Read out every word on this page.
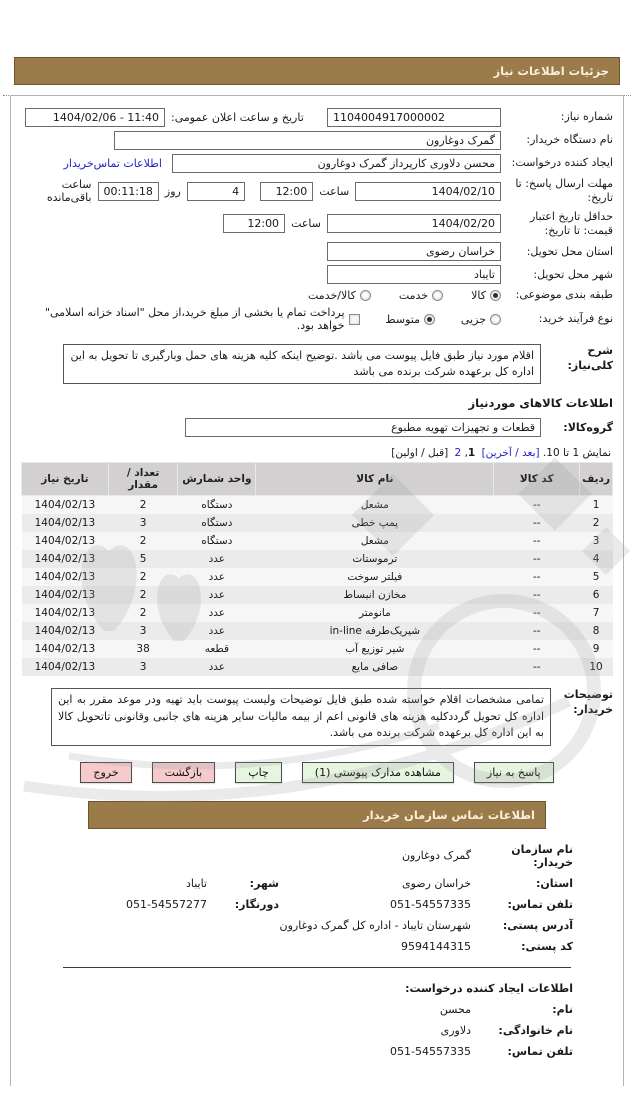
جزئیات اطلاعات نیاز
شماره نیاز:
1104004917000002
تاریخ و ساعت اعلان عمومی:
1404/02/06 - 11:40
نام دستگاه خریدار:
گمرک دوغارون
ایجاد کننده درخواست:
محسن دلاوری کارپرداز گمرک دوغارون
اطلاعات تماس‌خریدار
مهلت ارسال پاسخ: تا تاریخ:
1404/02/10
ساعت
12:00
4
روز
00:11:18
ساعت باقی‌مانده
حداقل تاریخ اعتبار قیمت: تا تاریخ:
1404/02/20
ساعت
12:00
استان محل تحویل:
خراسان رضوی
شهر محل تحویل:
تایباد
طبقه بندی موضوعی:
کالا
خدمت
کالا/خدمت
نوع فرآیند خرید:
جزیی
متوسط
پرداخت تمام یا بخشی از مبلغ خرید،از محل "اسناد خزانه اسلامی" خواهد بود.
شرح کلی‌نیاز:
اقلام مورد نیاز طبق فایل پیوست می باشد .توضیح اینکه کلیه هزینه های حمل وبارگیری تا تحویل به این اداره کل برعهده شرکت برنده می باشد
اطلاعات کالاهای موردنیاز
گروه‌کالا:
قطعات و تجهیزات تهویه مطبوع
نمایش 1 تا 10. [بعد / آخرین] 2 ,1 [قبل / اولین]
ردیف	کد کالا	نام کالا	واحد شمارش	تعداد / مقدار	تاریخ نیاز
1	--	مشعل	دستگاه	2	1404/02/13
2	--	پمپ خطی	دستگاه	3	1404/02/13
3	--	مشعل	دستگاه	2	1404/02/13
4	--	ترموستات	عدد	5	1404/02/13
5	--	فیلتر سوخت	عدد	2	1404/02/13
6	--	مخازن انبساط	عدد	2	1404/02/13
7	--	مانومتر	عدد	2	1404/02/13
8	--	شیریک‌طرفه in-line	عدد	3	1404/02/13
9	--	شیر توزیع آب	قطعه	38	1404/02/13
10	--	صافی مایع	عدد	3	1404/02/13
توضیحات خریدار:
تمامی مشخصات اقلام خواسته شده طبق فایل توضیحات ولیست پیوست باید تهیه ودر موعد مقرر به این اداره کل تحویل گرددکلیه هزینه های قانونی اعم از بیمه مالیات سایر هزینه های جانبی وقانونی تاتحویل کالا به این اداره کل برعهده شرکت برنده می باشد.
پاسخ به نیاز
مشاهده مدارک پیوستی (1)
چاپ
بازگشت
خروج
اطلاعات تماس سازمان خریدار
نام سازمان خریدار:
گمرک دوغارون
استان:
خراسان رضوی
شهر:
تایباد
تلفن تماس:
051-54557335
دورنگار:
051-54557277
آدرس پستی:
شهرستان تایباد - اداره کل گمرک دوغارون
کد پستی:
9594144315
اطلاعات ایجاد کننده درخواست:
نام:
محسن
نام خانوادگی:
دلاوری
تلفن تماس:
051-54557335
